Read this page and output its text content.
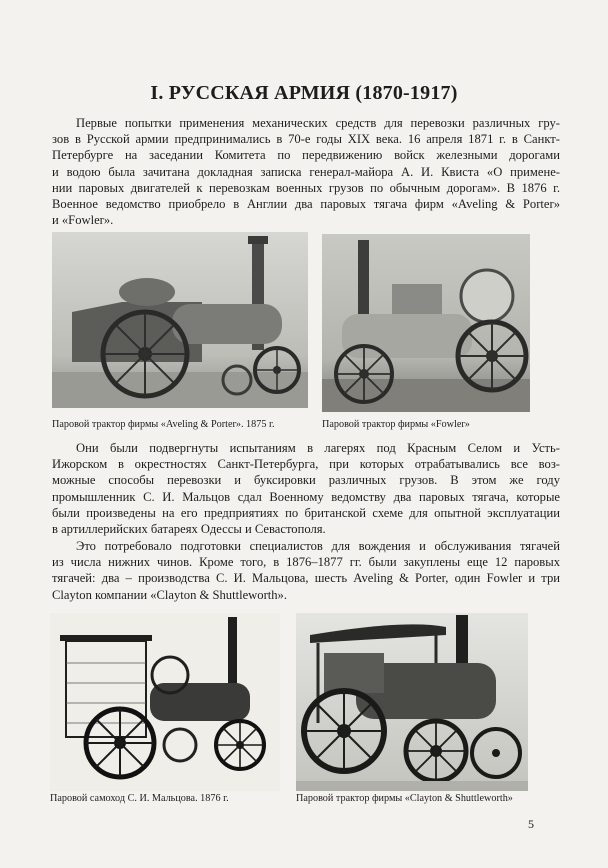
I. РУССКАЯ АРМИЯ (1870-1917)
Первые попытки применения механических средств для перевозки различных гру-
зов в Русской армии предпринимались в 70-е годы XIX века. 16 апреля 1871 г. в Санкт-
Петербурге на заседании Комитета по передвижению войск железными дорогами
и водою была зачитана докладная записка генерал-майора А. И. Квиста «О примене-
нии паровых двигателей к перевозкам военных грузов по обычным дорогам». В 1876 г.
Военное ведомство приобрело в Англии два паровых тягача фирм «Aveling & Porter»
и «Fowler».
Паровой трактор фирмы «Aveling & Porter». 1875 г.	Паровой трактор фирмы «Fowler»
Они были подвергнуты испытаниям в лагерях под Красным Селом и Усть-
Ижорском в окрестностях Санкт-Петербурга, при которых отрабатывались все воз-
можные способы перевозки и буксировки различных грузов. В этом же году
промышленник С. И. Мальцов сдал Военному ведомству два паровых тягача, которые
были произведены на его предприятиях по британской схеме для опытной эксплуатации
в артиллерийских батареях Одессы и Севастополя.
Это потребовало подготовки специалистов для вождения и обслуживания тягачей
из числа нижних чинов. Кроме того, в 1876–1877 гг. были закуплены еще 12 паровых
тягачей: два – производства С. И. Мальцова, шесть Aveling & Porter, один Fowler и три
Clayton компании «Clayton & Shuttleworth».
Паровой самоход С. И. Мальцова. 1876 г.	Паровой трактор фирмы «Clayton & Shuttleworth»
5
